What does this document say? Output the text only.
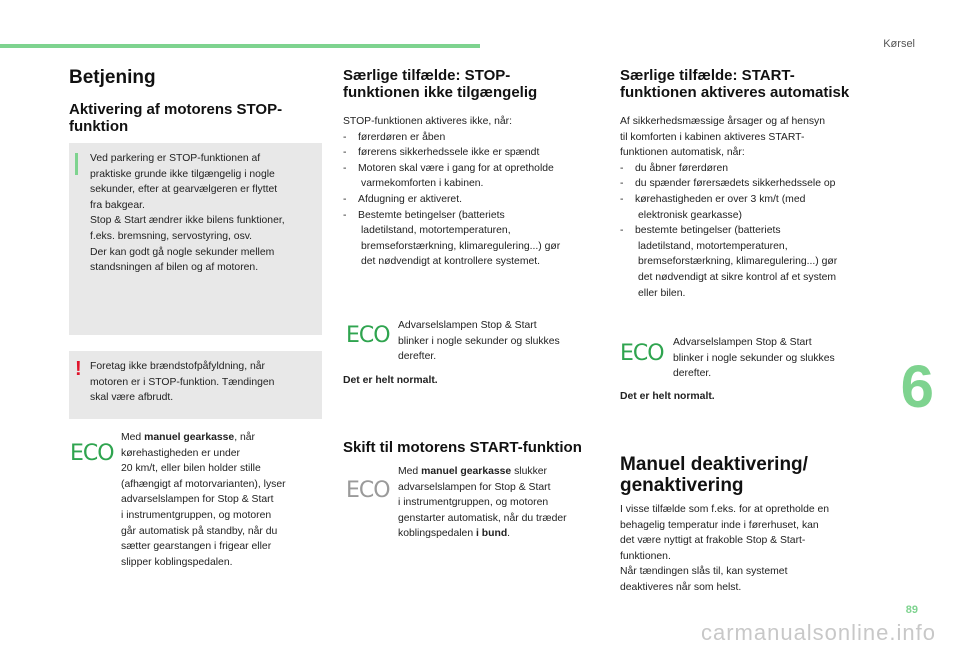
Kørsel
Betjening
Aktivering af motorens STOP-
funktion
Ved parkering er STOP-funktionen af
praktiske grunde ikke tilgængelig i nogle
sekunder, efter at gearvælgeren er flyttet
fra bakgear.
Stop & Start ændrer ikke bilens funktioner,
f.eks. bremsning, servostyring, osv.
Der kan godt gå nogle sekunder mellem
standsningen af bilen og af motoren.
! Foretag ikke brændstofpåfyldning, når
motoren er i STOP-funktion. Tændingen
skal være afbrudt.
ECO
Med manuel gearkasse, når
kørehastigheden er under
20 km/t, eller bilen holder stille
(afhængigt af motorvarianten), lyser
advarselslampen for Stop & Start
i instrumentgruppen, og motoren
går automatisk på standby, når du
sætter gearstangen i frigear eller
slipper koblingspedalen.
Særlige tilfælde: STOP-
funktionen ikke tilgængelig
STOP-funktionen aktiveres ikke, når:
-    førerdøren er åben
-    førerens sikkerhedssele ikke er spændt
-    Motoren skal være i gang for at opretholde
varmekomforten i kabinen.
-    Afdugning er aktiveret.
-    Bestemte betingelser (batteriets
ladetilstand, motortemperaturen,
bremseforstærkning, klimaregulering...) gør
det nødvendigt at kontrollere systemet.
ECO Advarselslampen Stop & Start
blinker i nogle sekunder og slukkes
derefter.
Det er helt normalt.
Skift til motorens START-funktion
ECO
Med manuel gearkasse slukker
advarselslampen for Stop & Start
i instrumentgruppen, og motoren
genstarter automatisk, når du træder
koblingspedalen i bund.
Særlige tilfælde: START-
funktionen aktiveres automatisk
Af sikkerhedsmæssige årsager og af hensyn
til komforten i kabinen aktiveres START-
funktionen automatisk, når:
-    du åbner førerdøren
-    du spænder førersædets sikkerhedssele op
-    kørehastigheden er over 3 km/t (med
elektronisk gearkasse)
-    bestemte betingelser (batteriets
ladetilstand, motortemperaturen,
bremseforstærkning, klimaregulering...) gør
det nødvendigt at sikre kontrol af et system
eller bilen.
ECO Advarselslampen Stop & Start
blinker i nogle sekunder og slukkes
derefter.
Det er helt normalt.
Manuel deaktivering/
genaktivering
I visse tilfælde som f.eks. for at opretholde en
behagelig temperatur inde i førerhuset, kan
det være nyttigt at frakoble Stop & Start-
funktionen.
Når tændingen slås til, kan systemet
deaktiveres når som helst.
6
89
carmanualsonline.info
